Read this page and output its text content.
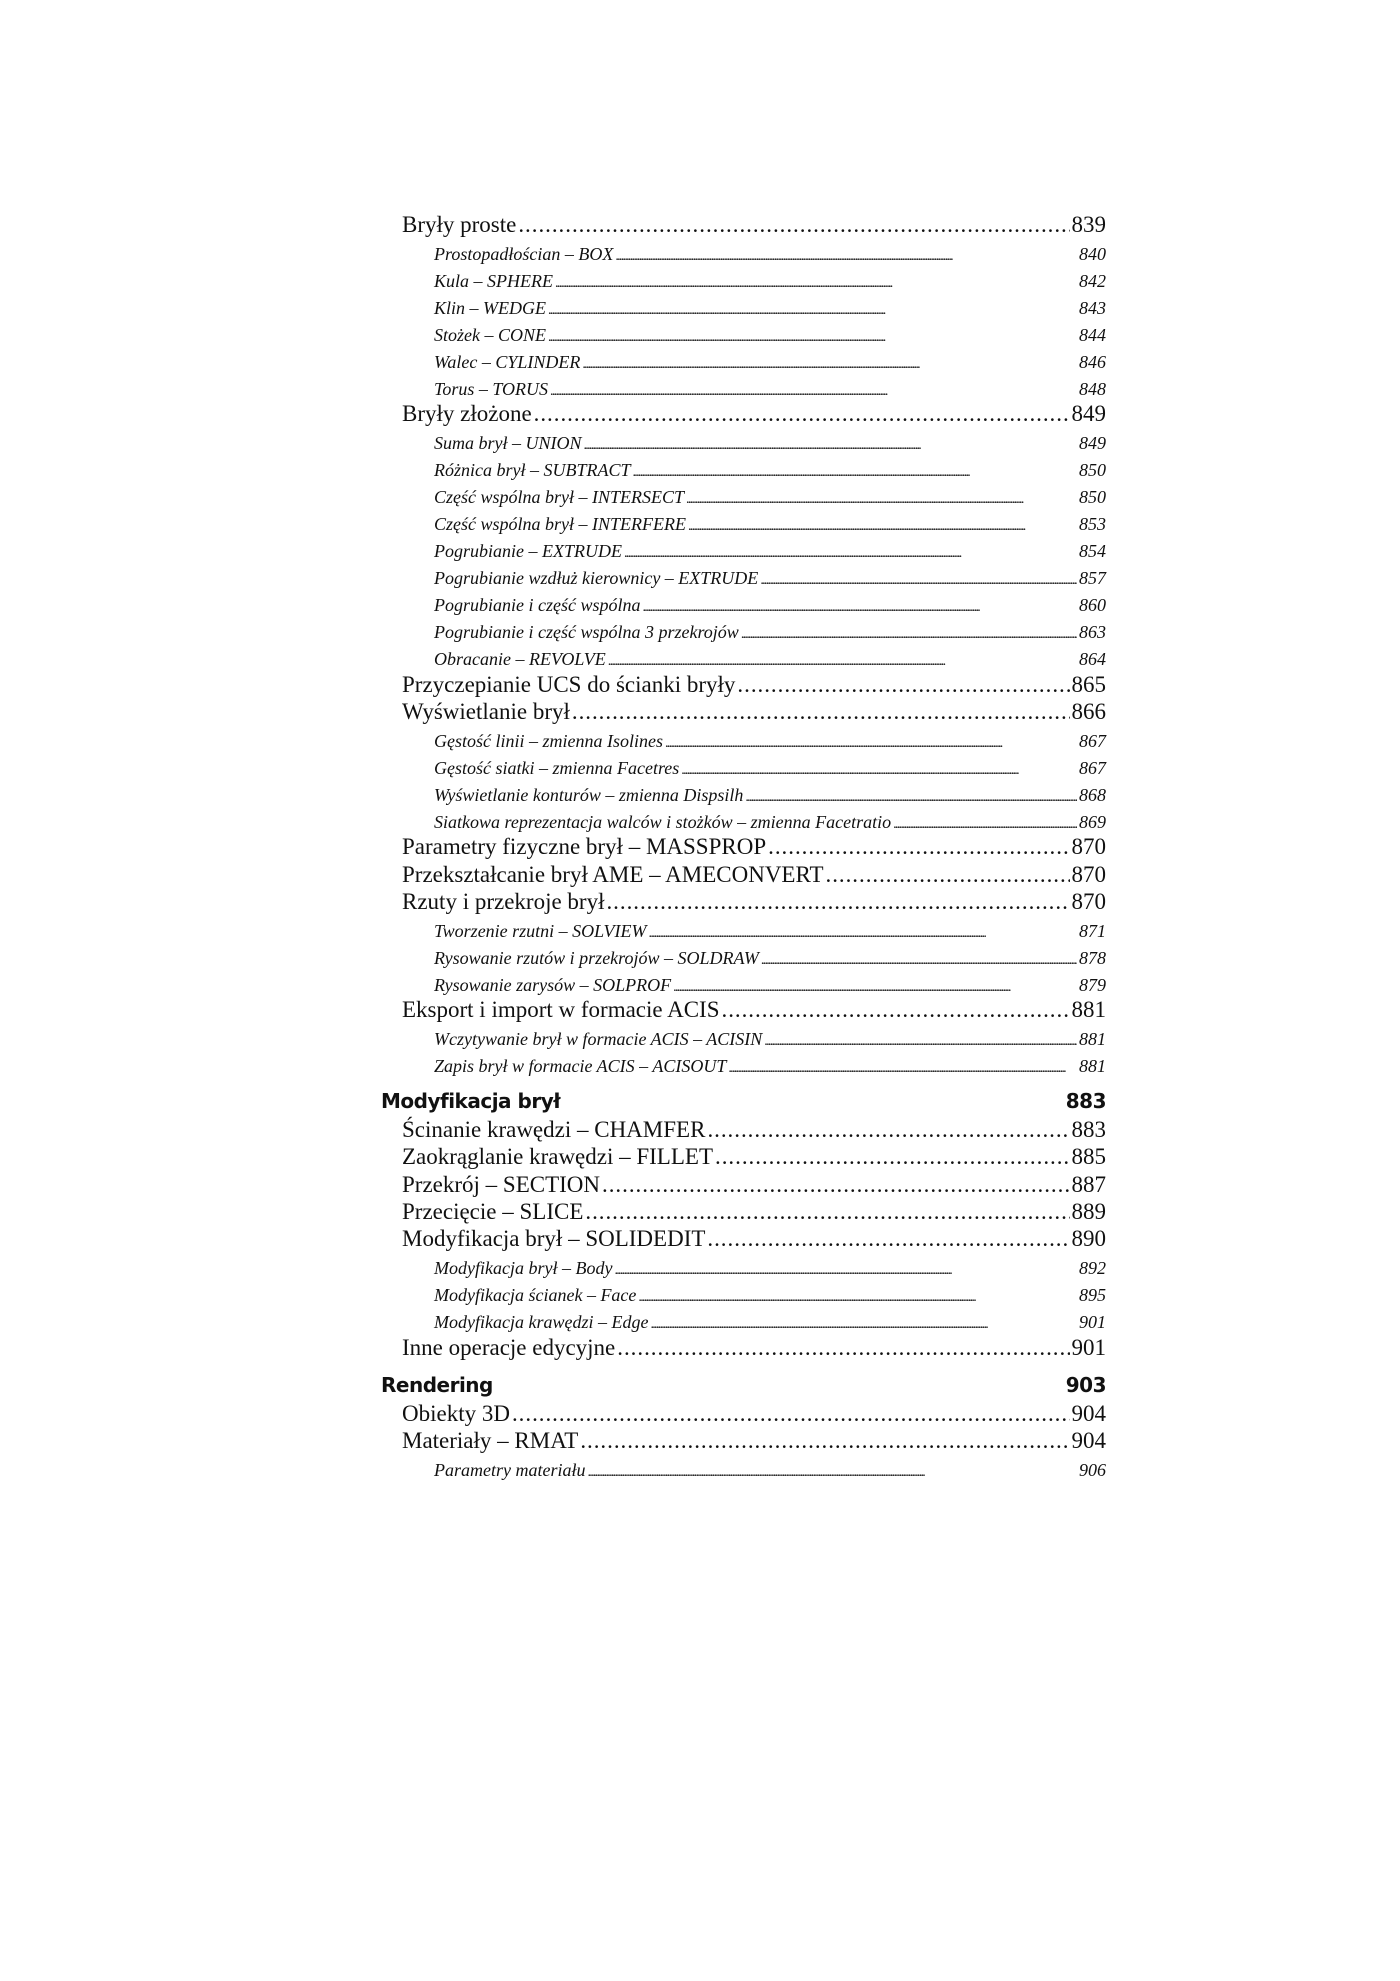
Bryły proste . . .	839
Prostopadłościan – BOX . . .	840
Kula – SPHERE . . .	842
Klin – WEDGE . . .	843
Stożek – CONE . . .	844
Walec – CYLINDER . . .	846
Torus – TORUS . . .	848
Bryły złożone . . .	849
Suma brył – UNION . . .	849
Różnica brył – SUBTRACT . . .	850
Część wspólna brył – INTERSECT . . .	850
Część wspólna brył – INTERFERE . . .	853
Pogrubianie – EXTRUDE . . .	854
Pogrubianie wzdłuż kierownicy – EXTRUDE . . .	857
Pogrubianie i część wspólna . . .	860
Pogrubianie i część wspólna 3 przekrojów . . .	863
Obracanie – REVOLVE . . .	864
Przyczepianie UCS do ścianki bryły . . .	865
Wyświetlanie brył . . .	866
Gęstość linii – zmienna Isolines . . .	867
Gęstość siatki – zmienna Facetres . . .	867
Wyświetlanie konturów – zmienna Dispsilh . . .	868
Siatkowa reprezentacja walców i stożków – zmienna Facetratio . . .	869
Parametry fizyczne brył – MASSPROP . . .	870
Przekształcanie brył AME – AMECONVERT . . .	870
Rzuty i przekroje brył . . .	870
Tworzenie rzutni – SOLVIEW . . .	871
Rysowanie rzutów i przekrojów – SOLDRAW . . .	878
Rysowanie zarysów – SOLPROF . . .	879
Eksport i import w formacie ACIS . . .	881
Wczytywanie brył w formacie ACIS – ACISIN . . .	881
Zapis brył w formacie ACIS – ACISOUT . . .	881
Modyfikacja brył	883
Ścinanie krawędzi – CHAMFER . . .	883
Zaokrąglanie krawędzi – FILLET . . .	885
Przekrój – SECTION . . .	887
Przecięcie – SLICE . . .	889
Modyfikacja brył – SOLIDEDIT . . .	890
Modyfikacja brył – Body . . .	892
Modyfikacja ścianek – Face . . .	895
Modyfikacja krawędzi – Edge . . .	901
Inne operacje edycyjne . . .	901
Rendering	903
Obiekty 3D . . .	904
Materiały – RMAT . . .	904
Parametry materiału . . .	906
